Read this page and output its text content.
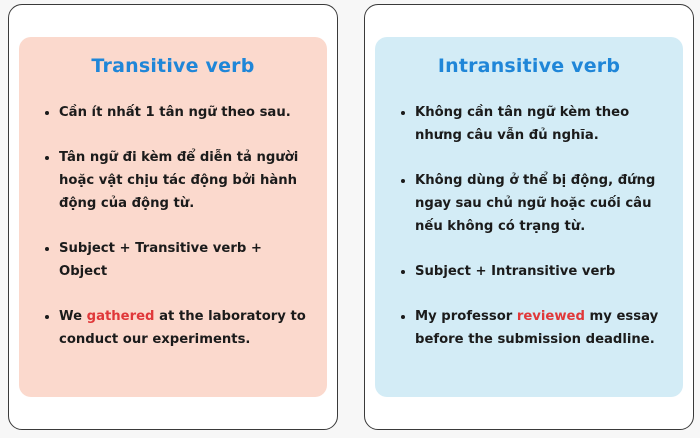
Transitive verb
• Cần ít nhất 1 tân ngữ theo sau.
• Tân ngữ đi kèm để diễn tả người hoặc vật chịu tác động bởi hành động của động từ.
• Subject + Transitive verb + Object
• We gathered at the laboratory to conduct our experiments.
Intransitive verb
• Không cần tân ngữ kèm theo nhưng câu vẫn đủ nghĩa.
• Không dùng ở thể bị động, đứng ngay sau chủ ngữ hoặc cuối câu nếu không có trạng từ.
• Subject + Intransitive verb
• My professor reviewed my essay before the submission deadline.
